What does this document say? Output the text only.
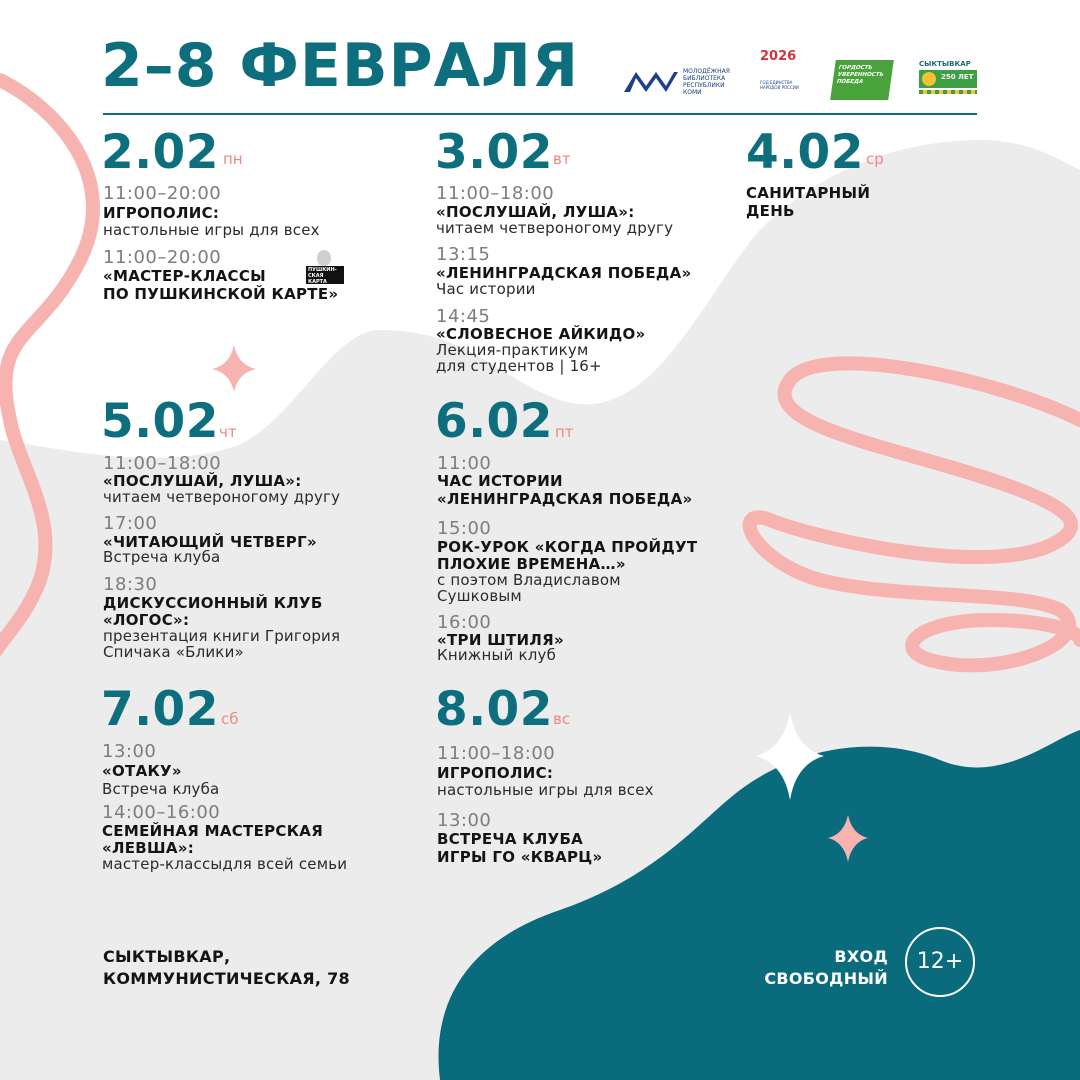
2–8 ФЕВРАЛЯ	МОЛОДЁЖНАЯ БИБЛИОТЕКА РЕСПУБЛИКИ КОМИ
2026
ГОД ЕДИНСТВА НАРОДОВ РОССИИ
ГОРДОСТЬ УВЕРЕННОСТЬ ПОБЕДА
СЫКТЫВКАР
250 ЛЕТ
2.02 пн
11:00–20:00
ИГРОПОЛИС:
настольные игры для всех
11:00–20:00
«МАСТЕР-КЛАССЫ
ПО ПУШКИНСКОЙ КАРТЕ»
ПУШКИН-СКАЯ КАРТА
3.02 вт
11:00–18:00
«ПОСЛУШАЙ, ЛУША»:
читаем четвероногому другу
13:15
«ЛЕНИНГРАДСКАЯ ПОБЕДА»
Час истории
14:45
«СЛОВЕСНОЕ АЙКИДО»
Лекция-практикум
для студентов | 16+
4.02 ср
САНИТАРНЫЙ
ДЕНЬ
5.02 чт
11:00–18:00
«ПОСЛУШАЙ, ЛУША»:
читаем четвероногому другу
17:00
«ЧИТАЮЩИЙ ЧЕТВЕРГ»
Встреча клуба
18:30
ДИСКУССИОННЫЙ КЛУБ
«ЛОГОС»:
презентация книги Григория
Спичака «Блики»
6.02 пт
11:00
ЧАС ИСТОРИИ
«ЛЕНИНГРАДСКАЯ ПОБЕДА»
15:00
РОК-УРОК «КОГДА ПРОЙДУТ
ПЛОХИЕ ВРЕМЕНА…»
с поэтом Владиславом
Сушковым
16:00
«ТРИ ШТИЛЯ»
Книжный клуб
7.02 сб
13:00
«ОТАКУ»
Встреча клуба
14:00–16:00
СЕМЕЙНАЯ МАСТЕРСКАЯ
«ЛЕВША»:
мастер-классыдля всей семьи
8.02 вс
11:00–18:00
ИГРОПОЛИС:
настольные игры для всех
13:00
ВСТРЕЧА КЛУБА
ИГРЫ ГО «КВАРЦ»
СЫКТЫВКАР,
КОММУНИСТИЧЕСКАЯ, 78
ВХОД
СВОБОДНЫЙ
12+
